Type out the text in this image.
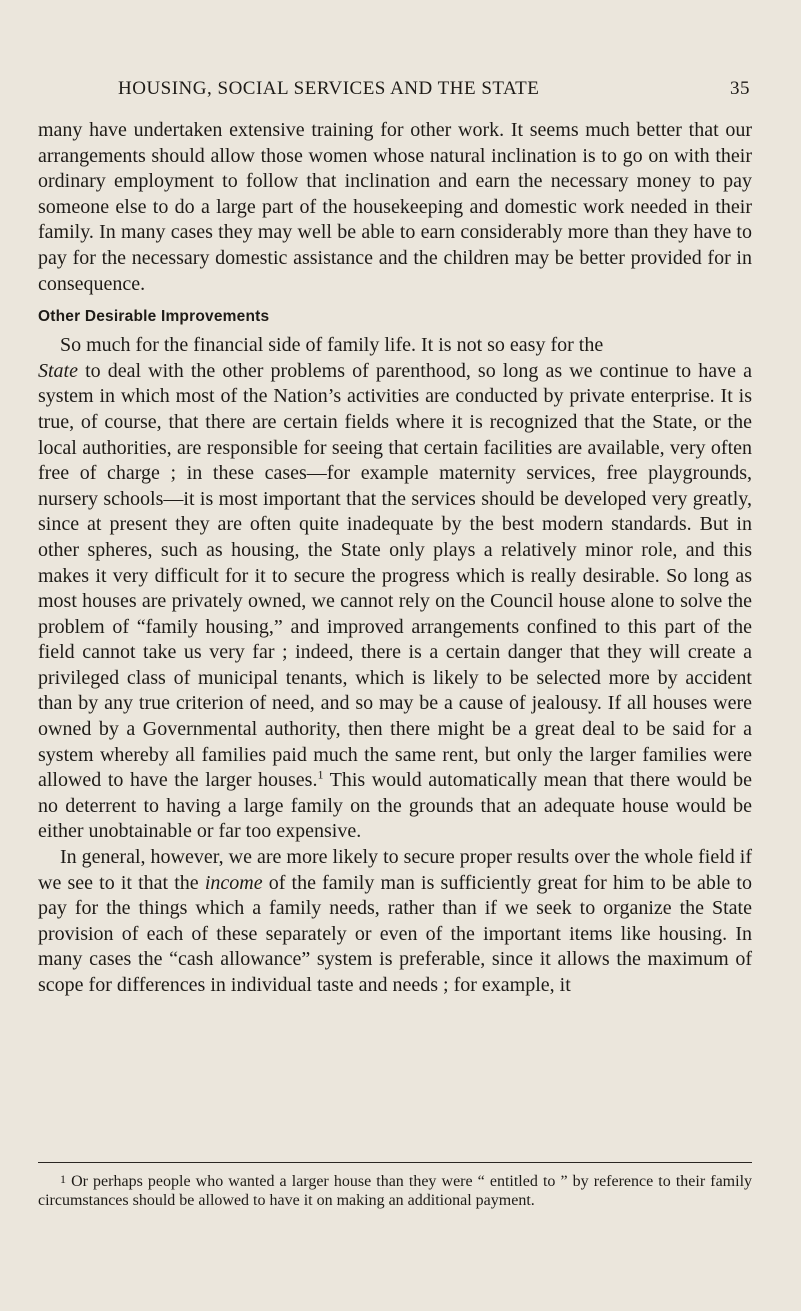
HOUSING, SOCIAL SERVICES AND THE STATE	35

many have undertaken extensive training for other work. It seems much better that our arrangements should allow those women whose natural inclination is to go on with their ordinary employment to follow that inclination and earn the necessary money to pay someone else to do a large part of the housekeeping and domestic work needed in their family. In many cases they may well be able to earn considerably more than they have to pay for the necessary domestic assistance and the children may be better provided for in consequence.

Other Desirable Improvements

So much for the financial side of family life. It is not so easy for the
State to deal with the other problems of parenthood, so long as we continue to have a system in which most of the Nation’s activities are conducted by private enterprise. It is true, of course, that there are certain fields where it is recognized that the State, or the local authorities, are responsible for seeing that certain facilities are available, very often free of charge ; in these cases—for example maternity services, free playgrounds, nursery schools—it is most important that the services should be developed very greatly, since at present they are often quite inadequate by the best modern standards. But in other spheres, such as housing, the State only plays a relatively minor role, and this makes it very difficult for it to secure the progress which is really desirable. So long as most houses are privately owned, we cannot rely on the Council house alone to solve the problem of “family housing,” and improved arrangements confined to this part of the field cannot take us very far ; indeed, there is a certain danger that they will create a privileged class of municipal tenants, which is likely to be selected more by accident than by any true criterion of need, and so may be a cause of jealousy. If all houses were owned by a Governmental authority, then there might be a great deal to be said for a system whereby all families paid much the same rent, but only the larger families were allowed to have the larger houses.$^1$ This would automatically mean that there would be no deterrent to having a large family on the grounds that an adequate house would be either unobtainable or far too expensive.

In general, however, we are more likely to secure proper results over the whole field if we see to it that the income of the family man is sufficiently great for him to be able to pay for the things which a family needs, rather than if we seek to organize the State provision of each of these separately or even of the important items like housing. In many cases the “cash allowance” system is preferable, since it allows the maximum of scope for differences in individual taste and needs ; for example, it

1 Or perhaps people who wanted a larger house than they were “ entitled to ” by reference to their family circumstances should be allowed to have it on making an additional payment.
